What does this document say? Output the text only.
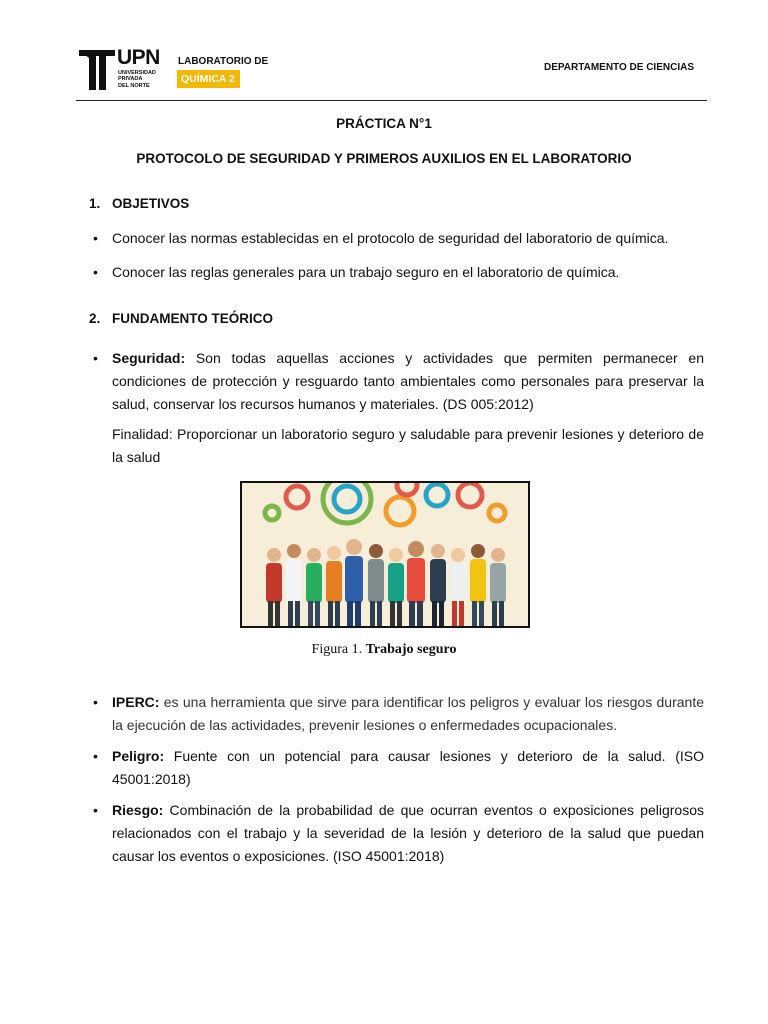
UPN
UNIVERSIDAD
PRIVADA
DEL NORTE
LABORATORIO DE
QUÍMICA 2
DEPARTAMENTO DE CIENCIAS
PRÁCTICA N°1
PROTOCOLO DE SEGURIDAD Y PRIMEROS AUXILIOS EN EL LABORATORIO
1. OBJETIVOS
• Conocer las normas establecidas en el protocolo de seguridad del laboratorio de química.
• Conocer las reglas generales para un trabajo seguro en el laboratorio de química.
2. FUNDAMENTO TEÓRICO
• Seguridad: Son todas aquellas acciones y actividades que permiten permanecer en condiciones de protección y resguardo tanto ambientales como personales para preservar la salud, conservar los recursos humanos y materiales. (DS 005:2012)
Finalidad: Proporcionar un laboratorio seguro y saludable para prevenir lesiones y deterioro de la salud
Figura 1. Trabajo seguro
• IPERC: es una herramienta que sirve para identificar los peligros y evaluar los riesgos durante la ejecución de las actividades, prevenir lesiones o enfermedades ocupacionales.
• Peligro: Fuente con un potencial para causar lesiones y deterioro de la salud. (ISO 45001:2018)
• Riesgo: Combinación de la probabilidad de que ocurran eventos o exposiciones peligrosos relacionados con el trabajo y la severidad de la lesión y deterioro de la salud que puedan causar los eventos o exposiciones. (ISO 45001:2018)
